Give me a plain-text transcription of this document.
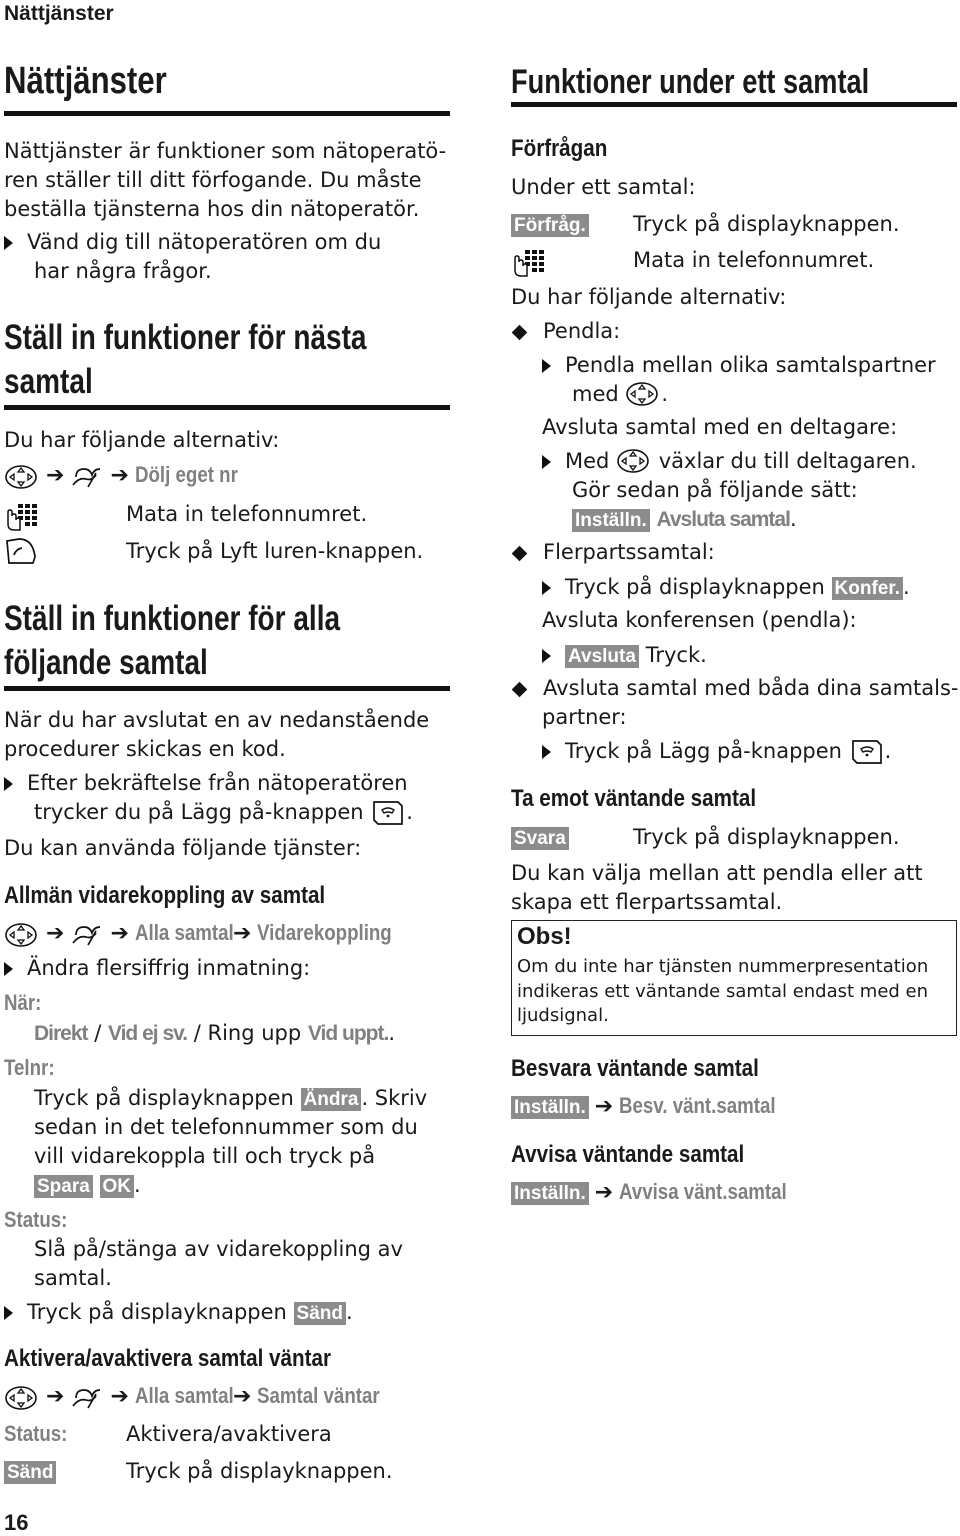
Nättjänster
Nättjänster
Nättjänster är funktioner som nätoperatö-
ren ställer till ditt förfogande. Du måste
beställa tjänsterna hos din nätoperatör.
Vänd dig till nätoperatören om du
har några frågor.
Ställ in funktioner för nästa
samtal
Du har följande alternativ:
➔ ➔ Dölj eget nr
Mata in telefonnumret.
Tryck på Lyft luren-knappen.
Ställ in funktioner för alla
följande samtal
När du har avslutat en av nedanstående
procedurer skickas en kod.
Efter bekräftelse från nätoperatören
trycker du på Lägg på-knappen .
Du kan använda följande tjänster:
Allmän vidarekoppling av samtal
➔ ➔ Alla samtal➔ Vidarekoppling
Ändra flersiffrig inmatning:
När:
Direkt / Vid ej sv. / Ring upp Vid uppt..
Telnr:
Tryck på displayknappen Ändra . Skriv
sedan in det telefonnummer som du
vill vidarekoppla till och tryck på
Spara OK .
Status:
Slå på/stänga av vidarekoppling av
samtal.
Tryck på displayknappen Sänd .
Aktivera/avaktivera samtal väntar
➔ ➔ Alla samtal➔ Samtal väntar
Status:	Aktivera/avaktivera
Sänd	Tryck på displayknappen.
Funktioner under ett samtal
Förfrågan
Under ett samtal:
Förfråg. Tryck på displayknappen.
Mata in telefonnumret.
Du har följande alternativ:
Pendla:
Pendla mellan olika samtalspartner
med .
Avsluta samtal med en deltagare:
Med växlar du till deltagaren.
Gör sedan på följande sätt:
Inställn. Avsluta samtal.
Flerpartssamtal:
Tryck på displayknappen Konfer. .
Avsluta konferensen (pendla):
Avsluta Tryck.
Avsluta samtal med båda dina samtals-
partner:
Tryck på Lägg på-knappen .
Ta emot väntande samtal
Svara	Tryck på displayknappen.
Du kan välja mellan att pendla eller att
skapa ett flerpartssamtal.
Obs!
Om du inte har tjänsten nummerpresentation
indikeras ett väntande samtal endast med en
ljudsignal.
Besvara väntande samtal
Inställn. ➔ Besv. vänt.samtal
Avvisa väntande samtal
Inställn. ➔ Avvisa vänt.samtal
16
